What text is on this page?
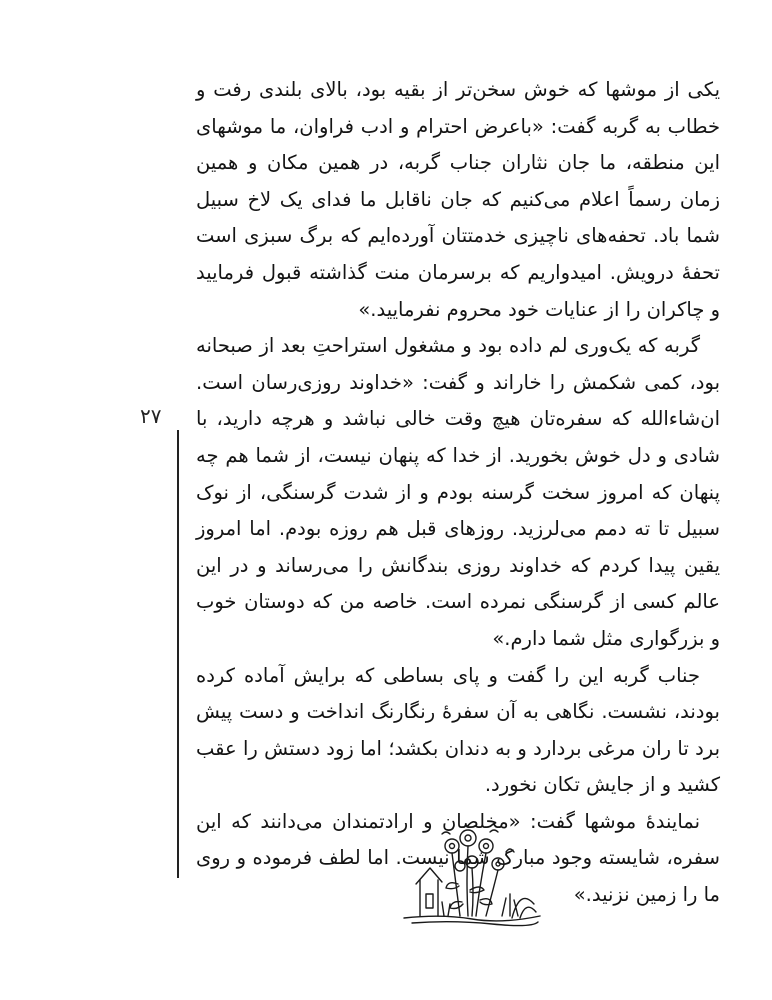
یکی از موشها که خوش سخن‌تر از بقیه بود، بالای بلندی رفت و خطاب به گربه گفت: «باعرض احترام و ادب فراوان، ما موشهای این منطقه، ما جان نثاران جناب گربه، در همین مکان و همین زمان رسماً اعلام می‌کنیم که جان ناقابل ما فدای یک لاخ سبیل شما باد. تحفه‌های ناچیزی خدمتتان آورده‌ایم که برگ سبزی است تحفهٔ درویش. امیدواریم که برسرمان منت گذاشته قبول فرمایید و چاکران را از عنایات خود محروم نفرمایید.»

گربه که یک‌وری لم داده بود و مشغول استراحتِ بعد از صبحانه بود، کمی شکمش را خاراند و گفت: «خداوند روزی‌رسان است. ان‌شاءالله که سفره‌تان هیچ وقت خالی نباشد و هرچه دارید، با شادی و دل خوش بخورید. از خدا که پنهان نیست، از شما هم چه پنهان که امروز سخت گرسنه بودم و از شدت گرسنگی، از نوک سبیل تا ته دمم می‌لرزید. روزهای قبل هم روزه بودم. اما امروز یقین پیدا کردم که خداوند روزی بندگانش را می‌رساند و در این عالم کسی از گرسنگی نمرده است. خاصه من که دوستان خوب و بزرگواری مثل شما دارم.»

جناب گربه این را گفت و پای بساطی که برایش آماده کرده بودند، نشست. نگاهی به آن سفرهٔ رنگارنگ انداخت و دست پیش برد تا ران مرغی بردارد و به دندان بکشد؛ اما زود دستش را عقب کشید و از جایش تکان نخورد.

نمایندهٔ موشها گفت: «مخلصان و ارادتمندان می‌دانند که این سفره، شایسته وجود مبارک شما نیست. اما لطف فرموده و روی ما را زمین نزنید.»

۲۷
